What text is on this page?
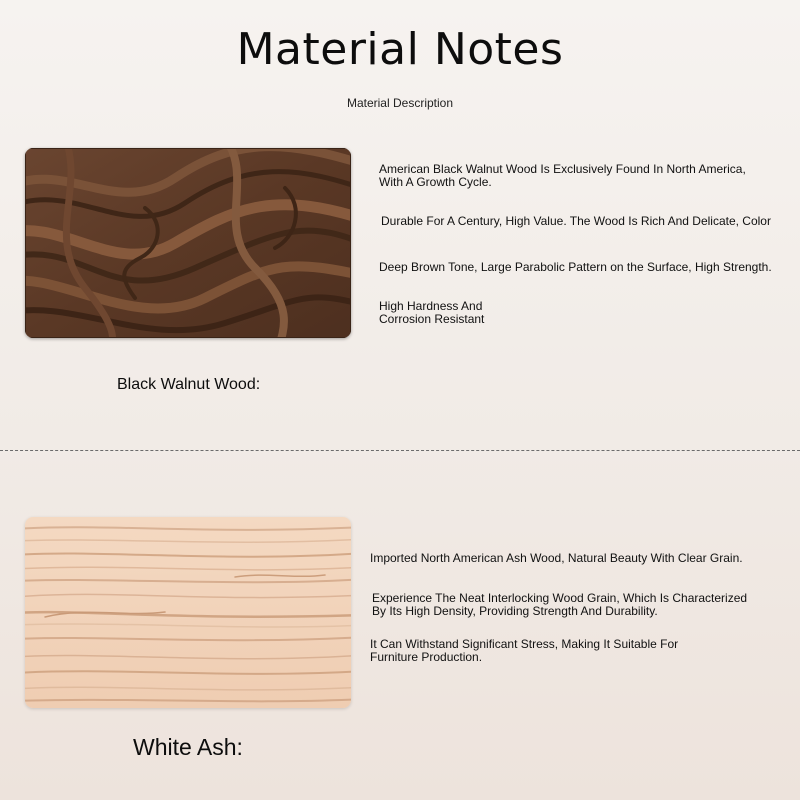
Material Notes
Material Description
American Black Walnut Wood Is Exclusively Found In North America,
With A Growth Cycle.
Durable For A Century, High Value. The Wood Is Rich And Delicate, Color
Deep Brown Tone, Large Parabolic Pattern on the Surface, High Strength.
High Hardness And
Corrosion Resistant
Black Walnut Wood:
Imported North American Ash Wood, Natural Beauty With Clear Grain.
Experience The Neat Interlocking Wood Grain, Which Is Characterized
By Its High Density, Providing Strength And Durability.
It Can Withstand Significant Stress, Making It Suitable For
Furniture Production.
White Ash:
